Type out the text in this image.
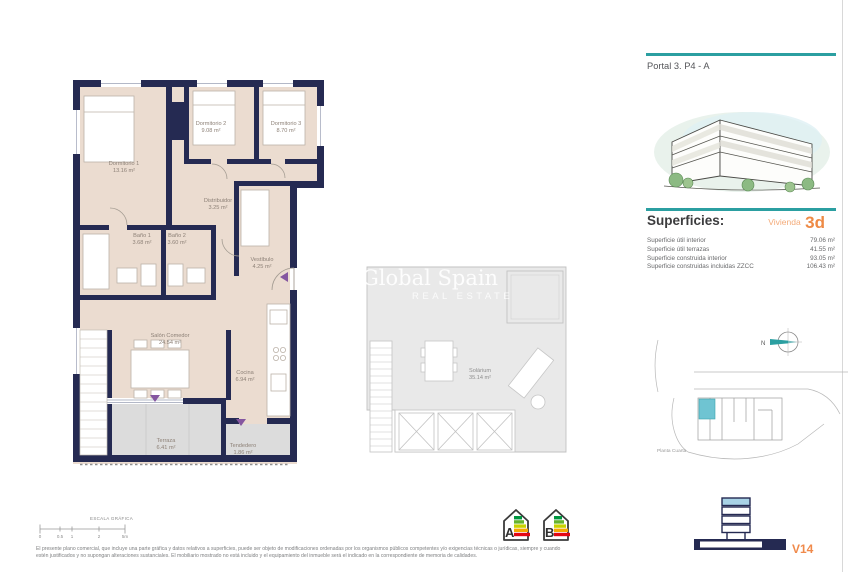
Dormitorio 1
13.16 m²
Dormitorio 2
9.08 m²
Dormitorio 3
8.70 m²
Distribuidor
3.25 m²
Baño 1
3.68 m²
Baño 2
3.60 m²
Vestíbulo
4.25 m²
Salón Comedor
24.54 m²
Cocina
6.94 m²
Terraza
6.41 m²	Tendedero
1.86 m²
Global Spain
REAL ESTATE
Solárium
35.14 m²
Portal 3. P4 - A
Superficies:	Vivienda 3d
Superficie útil interior	79.06 m²
Superficie útil terrazas	41.55 m²
Superficie construida interior	93.05 m²
Superficie construidas incluidas ZZCC	106.43 m²
N
Planta Cuarta
V14
ESCALA GRÁFICA
0	0.5 1	2	5m	A
B
El presente plano comercial, que incluye una parte gráfica y datos relativos a superficies, puede ser objeto de modificaciones ordenadas por los organismos públicos competentes y/o exigencias técnicas o jurídicas, siempre y cuando
estén justificados y no supongan alteraciones sustanciales. El mobiliario mostrado no está incluido y el equipamiento del inmueble será el indicado en la correspondiente de memoria de calidades.
